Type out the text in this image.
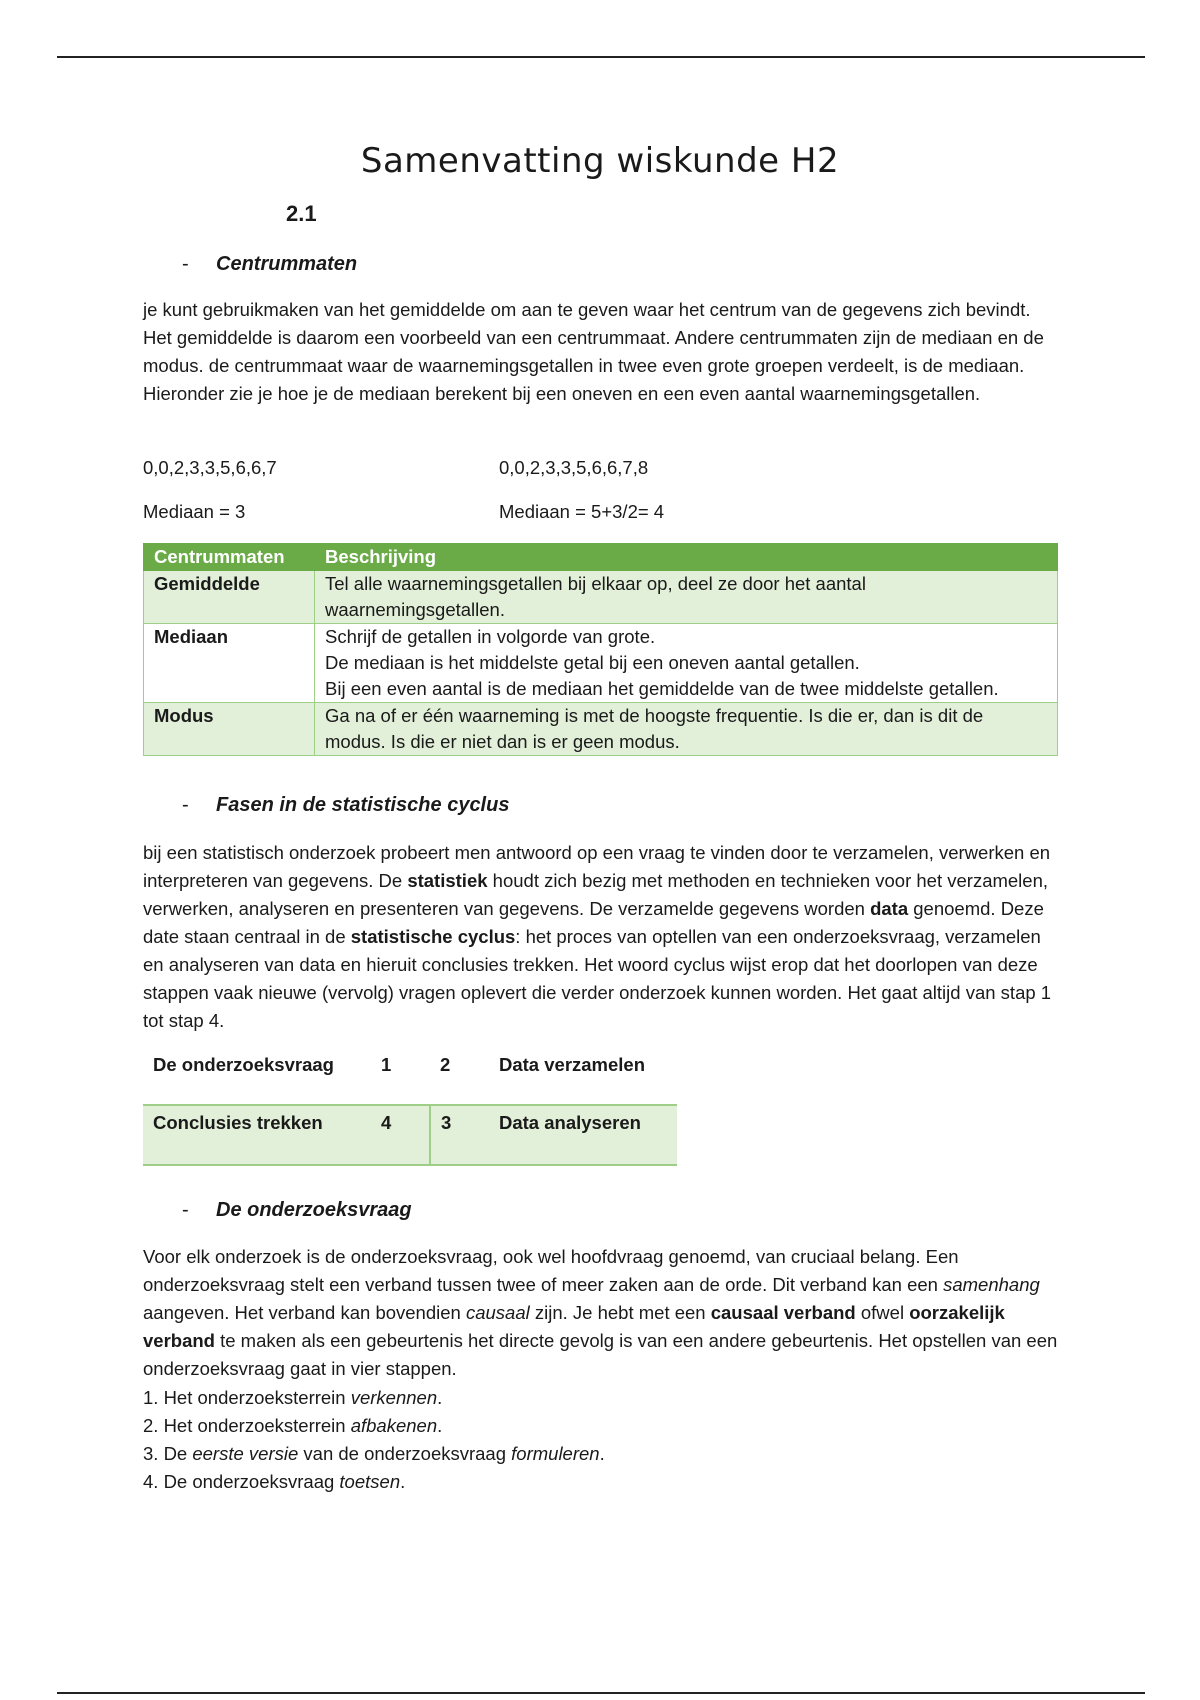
Samenvatting wiskunde H2
2.1
- Centrummaten

je kunt gebruikmaken van het gemiddelde om aan te geven waar het centrum van de gegevens zich bevindt. Het gemiddelde is daarom een voorbeeld van een centrummaat. Andere centrummaten zijn de mediaan en de modus. de centrummaat waar de waarnemingsgetallen in twee even grote groepen verdeelt, is de mediaan. Hieronder zie je hoe je de mediaan berekent bij een oneven en een even aantal waarnemingsgetallen.

0,0,2,3,3,5,6,6,7	0,0,2,3,3,5,6,6,7,8
Mediaan = 3	Mediaan = 5+3/2= 4
Centrummaten	Beschrijving
Gemiddelde	Tel alle waarnemingsgetallen bij elkaar op, deel ze door het aantal waarnemingsgetallen.

Mediaan	Schrijf de getallen in volgorde van grote.
De mediaan is het middelste getal bij een oneven aantal getallen.
Bij een even aantal is de mediaan het gemiddelde van de twee middelste getallen.

Modus	Ga na of er één waarneming is met de hoogste frequentie. Is die er, dan is dit de modus. Is die er niet dan is er geen modus.
- Fasen in de statistische cyclus

bij een statistisch onderzoek probeert men antwoord op een vraag te vinden door te verzamelen, verwerken en interpreteren van gegevens. De statistiek houdt zich bezig met methoden en technieken voor het verzamelen, verwerken, analyseren en presenteren van gegevens. De verzamelde gegevens worden data genoemd. Deze date staan centraal in de statistische cyclus: het proces van optellen van een onderzoeksvraag, verzamelen en analyseren van data en hieruit conclusies trekken. Het woord cyclus wijst erop dat het doorlopen van deze stappen vaak nieuwe (vervolg) vragen oplevert die verder onderzoek kunnen worden. Het gaat altijd van stap 1 tot stap 4.

De onderzoeksvraag	1	2	Data verzamelen
Conclusies trekken	4	3	Data analyseren
- De onderzoeksvraag

Voor elk onderzoek is de onderzoeksvraag, ook wel hoofdvraag genoemd, van cruciaal belang. Een onderzoeksvraag stelt een verband tussen twee of meer zaken aan de orde. Dit verband kan een samenhang aangeven. Het verband kan bovendien causaal zijn. Je hebt met een causaal verband ofwel oorzakelijk verband te maken als een gebeurtenis het directe gevolg is van een andere gebeurtenis. Het opstellen van een onderzoeksvraag gaat in vier stappen.

1. Het onderzoeksterrein verkennen.
2. Het onderzoeksterrein afbakenen.
3. De eerste versie van de onderzoeksvraag formuleren.
4. De onderzoeksvraag toetsen.
